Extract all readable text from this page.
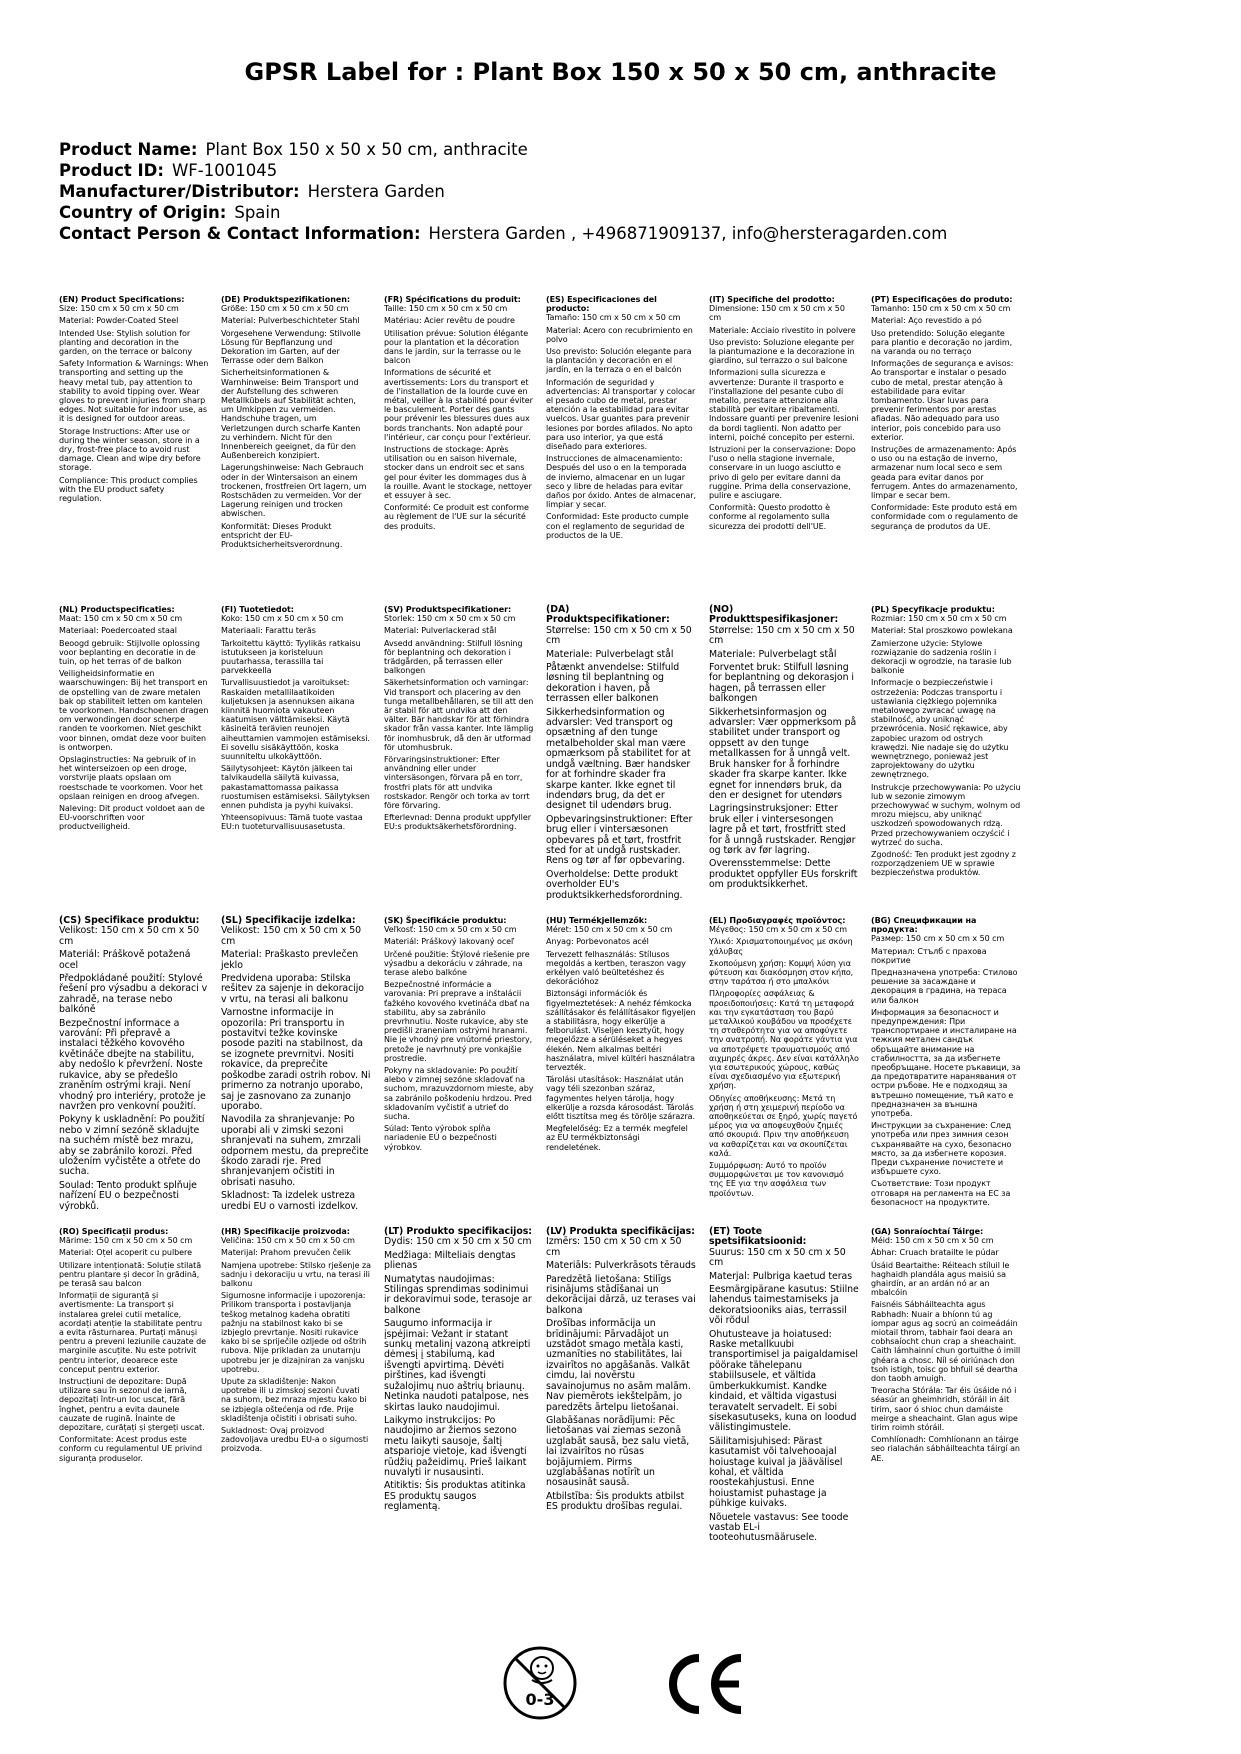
GPSR Label for : Plant Box 150 x 50 x 50 cm, anthracite
Product Name: Plant Box 150 x 50 x 50 cm, anthracite
Product ID: WF-1001045
Manufacturer/Distributor: Herstera Garden
Country of Origin: Spain
Contact Person & Contact Information: Herstera Garden , +496871909137, info@hersteragarden.com
(EN) Product Specifications:

Size: 150 cm x 50 cm x 50 cm

Material: Powder-Coated Steel

Intended Use: Stylish solution for planting and decoration in the garden, on the terrace or balcony

Safety Information & Warnings: When transporting and setting up the heavy metal tub, pay attention to stability to avoid tipping over. Wear gloves to prevent injuries from sharp edges. Not suitable for indoor use, as it is designed for outdoor areas.

Storage Instructions: After use or during the winter season, store in a dry, frost-free place to avoid rust damage. Clean and wipe dry before storage.

Compliance: This product complies with the EU product safety regulation.

(DE) Produktspezifikationen:

Größe: 150 cm x 50 cm x 50 cm

Material: Pulverbeschichteter Stahl

Vorgesehene Verwendung: Stilvolle Lösung für Bepflanzung und Dekoration im Garten, auf der Terrasse oder dem Balkon

Sicherheitsinformationen & Warnhinweise: Beim Transport und der Aufstellung des schweren Metallkübels auf Stabilität achten, um Umkippen zu vermeiden. Handschuhe tragen, um Verletzungen durch scharfe Kanten zu verhindern. Nicht für den Innenbereich geeignet, da für den Außenbereich konzipiert.

Lagerungshinweise: Nach Gebrauch oder in der Wintersaison an einem trockenen, frostfreien Ort lagern, um Rostschäden zu vermeiden. Vor der Lagerung reinigen und trocken abwischen.

Konformität: Dieses Produkt entspricht der EU-Produktsicherheitsverordnung.

(FR) Spécifications du produit:

Taille: 150 cm x 50 cm x 50 cm

Matériau: Acier revêtu de poudre

Utilisation prévue: Solution élégante pour la plantation et la décoration dans le jardin, sur la terrasse ou le balcon

Informations de sécurité et avertissements: Lors du transport et de l'installation de la lourde cuve en métal, veiller à la stabilité pour éviter le basculement. Porter des gants pour prévenir les blessures dues aux bords tranchants. Non adapté pour l'intérieur, car conçu pour l'extérieur.

Instructions de stockage: Après utilisation ou en saison hivernale, stocker dans un endroit sec et sans gel pour éviter les dommages dus à la rouille. Avant le stockage, nettoyer et essuyer à sec.

Conformité: Ce produit est conforme au règlement de l'UE sur la sécurité des produits.

(ES) Especificaciones del producto:

Tamaño: 150 cm x 50 cm x 50 cm

Material: Acero con recubrimiento en polvo

Uso previsto: Solución elegante para la plantación y decoración en el jardín, en la terraza o en el balcón

Información de seguridad y advertencias: Al transportar y colocar el pesado cubo de metal, prestar atención a la estabilidad para evitar vuelcos. Usar guantes para prevenir lesiones por bordes afilados. No apto para uso interior, ya que está diseñado para exteriores.

Instrucciones de almacenamiento: Después del uso o en la temporada de invierno, almacenar en un lugar seco y libre de heladas para evitar daños por óxido. Antes de almacenar, limpiar y secar.

Conformidad: Este producto cumple con el reglamento de seguridad de productos de la UE.

(IT) Specifiche del prodotto:

Dimensione: 150 cm x 50 cm x 50 cm

Materiale: Acciaio rivestito in polvere

Uso previsto: Soluzione elegante per la piantumazione e la decorazione in giardino, sul terrazzo o sul balcone

Informazioni sulla sicurezza e avvertenze: Durante il trasporto e l'installazione del pesante cubo di metallo, prestare attenzione alla stabilità per evitare ribaltamenti. Indossare guanti per prevenire lesioni da bordi taglienti. Non adatto per interni, poiché concepito per esterni.

Istruzioni per la conservazione: Dopo l'uso o nella stagione invernale, conservare in un luogo asciutto e privo di gelo per evitare danni da ruggine. Prima della conservazione, pulire e asciugare.

Conformità: Questo prodotto è conforme al regolamento sulla sicurezza dei prodotti dell'UE.

(PT) Especificações do produto:

Tamanho: 150 cm x 50 cm x 50 cm

Material: Aço revestido a pó

Uso pretendido: Solução elegante para plantio e decoração no jardim, na varanda ou no terraço

Informações de segurança e avisos: Ao transportar e instalar o pesado cubo de metal, prestar atenção à estabilidade para evitar tombamento. Usar luvas para prevenir ferimentos por arestas afiadas. Não adequado para uso interior, pois concebido para uso exterior.

Instruções de armazenamento: Após o uso ou na estação de inverno, armazenar num local seco e sem geada para evitar danos por ferrugem. Antes do armazenamento, limpar e secar bem.

Conformidade: Este produto está em conformidade com o regulamento de segurança de produtos da UE.

(NL) Productspecificaties:

Maat: 150 cm x 50 cm x 50 cm

Materiaal: Poedercoated staal

Beoogd gebruik: Stijlvolle oplossing voor beplanting en decoratie in de tuin, op het terras of de balkon

Veiligheidsinformatie en waarschuwingen: Bij het transport en de opstelling van de zware metalen bak op stabiliteit letten om kantelen te voorkomen. Handschoenen dragen om verwondingen door scherpe randen te voorkomen. Niet geschikt voor binnen, omdat deze voor buiten is ontworpen.

Opslaginstructies: Na gebruik of in het winterseizoen op een droge, vorstvrije plaats opslaan om roestschade te voorkomen. Voor het opslaan reinigen en droog afvegen.

Naleving: Dit product voldoet aan de EU-voorschriften voor productveiligheid.

(FI) Tuotetiedot:

Koko: 150 cm x 50 cm x 50 cm

Materiaali: Farattu teräs

Tarkoitettu käyttö: Tyylikäs ratkaisu istutukseen ja koristeluun puutarhassa, terassilla tai parvekkeella

Turvallisuustiedot ja varoitukset: Raskaiden metallilaatikoiden kuljetuksen ja asennuksen aikana kiinnitä huomiota vakauteen kaatumisen välttämiseksi. Käytä käsineitä terävien reunojen aiheuttamien vammojen estämiseksi. Ei sovellu sisäkäyttöön, koska suunniteltu ulkokäyttöön.

Säilytysohjeet: Käytön jälkeen tai talvikaudella säilytä kuivassa, pakastamattomassa paikassa ruostumisen estämiseksi. Säilytyksen ennen puhdista ja pyyhi kuivaksi.

Yhteensopivuus: Tämä tuote vastaa EU:n tuoteturvallisuusasetusta.

(SV) Produktspecifikationer:

Storlek: 150 cm x 50 cm x 50 cm

Material: Pulverlackerad stål

Avsedd användning: Stilfull lösning för beplantning och dekoration i trädgården, på terrassen eller balkongen

Säkerhetsinformation och varningar: Vid transport och placering av den tunga metallbehållaren, se till att den är stabil för att undvika att den välter. Bär handskar för att förhindra skador från vassa kanter. Inte lämplig för inomhusbruk, då den är utformad för utomhusbruk.

Förvaringsinstruktioner: Efter användning eller under vintersäsongen, förvara på en torr, frostfri plats för att undvika rostskador. Rengör och torka av torrt före förvaring.

Efterlevnad: Denna produkt uppfyller EU:s produktsäkerhetsförordning.

(DA) Produktspecifikationer:

Størrelse: 150 cm x 50 cm x 50 cm

Materiale: Pulverbelagt stål

Påtænkt anvendelse: Stilfuld løsning til beplantning og dekoration i haven, på terrassen eller balkonen

Sikkerhedsinformation og advarsler: Ved transport og opsætning af den tunge metalbeholder skal man være opmærksom på stabilitet for at undgå væltning. Bær handsker for at forhindre skader fra skarpe kanter. Ikke egnet til indendørs brug, da det er designet til udendørs brug.

Opbevaringsinstruktioner: Efter brug eller i vintersæsonen opbevares på et tørt, frostfrit sted for at undgå rustskader. Rens og tør af før opbevaring.

Overholdelse: Dette produkt overholder EU's produktsikkerhedsforordning.

(NO) Produkttspesifikasjoner:

Størrelse: 150 cm x 50 cm x 50 cm

Materiale: Pulverbelagt stål

Forventet bruk: Stilfull løsning for beplantning og dekorasjon i hagen, på terrassen eller balkongen

Sikkerhetsinformasjon og advarsler: Vær oppmerksom på stabilitet under transport og oppsett av den tunge metallkassen for å unngå velt. Bruk hansker for å forhindre skader fra skarpe kanter. Ikke egnet for innendørs bruk, da den er designet for utendørs

Lagringsinstruksjoner: Etter bruk eller i vintersesongen lagre på et tørt, frostfritt sted for å unngå rustskader. Rengjør og tørk av før lagring.

Overensstemmelse: Dette produktet oppfyller EUs forskrift om produktsikkerhet.

(PL) Specyfikacje produktu:

Rozmiar: 150 cm x 50 cm x 50 cm

Materiał: Stal proszkowo powlekana

Zamierzone użycie: Stylowe rozwiązanie do sadzenia roślin i dekoracji w ogrodzie, na tarasie lub balkonie

Informacje o bezpieczeństwie i ostrzeżenia: Podczas transportu i ustawiania ciężkiego pojemnika metalowego zwracać uwagę na stabilność, aby uniknąć przewrócenia. Nosić rękawice, aby zapobiec urazom od ostrych krawędzi. Nie nadaje się do użytku wewnętrznego, ponieważ jest zaprojektowany do użytku zewnętrznego.

Instrukcje przechowywania: Po użyciu lub w sezonie zimowym przechowywać w suchym, wolnym od mrozu miejscu, aby uniknąć uszkodzeń spowodowanych rdzą. Przed przechowywaniem oczyścić i wytrzeć do sucha.

Zgodność: Ten produkt jest zgodny z rozporządzeniem UE w sprawie bezpieczeństwa produktów.

(CS) Specifikace produktu:

Velikost: 150 cm x 50 cm x 50 cm

Materiál: Práškově potažená ocel

Předpokládané použití: Stylové řešení pro výsadbu a dekoraci v zahradě, na terase nebo balkóně

Bezpečnostní informace a varování: Při přepravě a instalaci těžkého kovového květináče dbejte na stabilitu, aby nedošlo k převržení. Noste rukavice, aby se předešlo zraněním ostrými kraji. Není vhodný pro interiéry, protože je navržen pro venkovní použití.

Pokyny k uskladnění: Po použití nebo v zimní sezóně skladujte na suchém místě bez mrazu, aby se zabránilo korozi. Před uložením vyčistěte a otřete do sucha.

Soulad: Tento produkt splňuje nařízení EU o bezpečnosti výrobků.

(SL) Specifikacije izdelka:

Velikost: 150 cm x 50 cm x 50 cm

Material: Praškasto prevlečen jeklo

Predvidena uporaba: Stilska rešitev za sajenje in dekoracijo v vrtu, na terasi ali balkonu

Varnostne informacije in opozorila: Pri transportu in postavitvi težke kovinske posode paziti na stabilnost, da se izognete prevrnitvi. Nositi rokavice, da preprečite poškodbe zaradi ostrih robov. Ni primerno za notranjo uporabo, saj je zasnovano za zunanjo uporabo.

Navodila za shranjevanje: Po uporabi ali v zimski sezoni shranjevati na suhem, zmrzali odpornem mestu, da preprečite škodo zaradi rje. Pred shranjevanjem očistiti in obrisati nasuho.

Skladnost: Ta izdelek ustreza uredbi EU o varnosti izdelkov.

(SK) Špecifikácie produktu:

Veľkosť: 150 cm x 50 cm x 50 cm

Materiál: Práškový lakovaný oceľ

Určené použitie: Štýlové riešenie pre výsadbu a dekoráciu v záhrade, na terase alebo balkóne

Bezpečnostné informácie a varovania: Pri preprave a inštalácii ťažkého kovového kvetináča dbať na stabilitu, aby sa zabránilo prevrhnutiu. Noste rukavice, aby ste predišli zraneniam ostrými hranami. Nie je vhodný pre vnútorné priestory, pretože je navrhnutý pre vonkajšie prostredie.

Pokyny na skladovanie: Po použití alebo v zimnej sezóne skladovať na suchom, mrazuvzdornom mieste, aby sa zabránilo poškodeniu hrdzou. Pred skladovaním vyčistiť a utrieť do sucha.

Súlad: Tento výrobok spĺňa nariadenie EÚ o bezpečnosti výrobkov.

(HU) Termékjellemzők:

Méret: 150 cm x 50 cm x 50 cm

Anyag: Porbevonatos acél

Tervezett felhasználás: Stílusos megoldás a kertben, teraszon vagy erkélyen való beültetéshez és dekorációhoz

Biztonsági információk és figyelmeztetések: A nehéz fémkocka szállításakor és felállításakor figyeljen a stabilitásra, hogy elkerülje a felborulást. Viseljen kesztyűt, hogy megelőzze a sérüléseket a hegyes élekén. Nem alkalmas beltéri használatra, mivel kültéri használatra tervezték.

Tárolási utasítások: Használat után vagy téli szezonban száraz, fagymentes helyen tárolja, hogy elkerülje a rozsda károsodást. Tárolás előtt tisztítsa meg és törölje szárazra.

Megfelelőség: Ez a termék megfelel az EU termékbiztonsági rendeletének.

(EL) Προδιαγραφές προϊόντος:

Μέγεθος: 150 cm x 50 cm x 50 cm

Υλικό: Χρισματοποιημένος με σκόνη χάλυβας

Σκοπούμενη χρήση: Κομψή λύση για φύτευση και διακόσμηση στον κήπο, στην ταράτσα ή στο μπαλκόνι

Πληροφορίες ασφάλειας & προειδοποιήσεις: Κατά τη μεταφορά και την εγκατάσταση του βαρύ μεταλλικού κουβάδου να προσέχετε τη σταθερότητα για να αποφύγετε την ανατροπή. Να φοράτε γάντια για να αποτρέψετε τραυματισμούς από αιχμηρές άκρες. Δεν είναι κατάλληλο για εσωτερικούς χώρους, καθώς είναι σχεδιασμένο για εξωτερική χρήση.

Οδηγίες αποθήκευσης: Μετά τη χρήση ή στη χειμερινή περίοδο να αποθηκεύεται σε ξηρό, χωρίς παγετό μέρος για να αποφευχθούν ζημιές από σκουριά. Πριν την αποθήκευση να καθαρίζεται και να σκουπίζεται καλά.

Συμμόρφωση: Αυτό το προϊόν συμμορφώνεται με τον κανονισμό της ΕΕ για την ασφάλεια των προϊόντων.

(BG) Спецификации на продукта:

Размер: 150 cm x 50 cm x 50 cm

Материал: Стълб с прахова покритие

Предназначена употреба: Стилово решение за засаждане и декорация в градина, на тераса или балкон

Информация за безопасност и предупреждения: При транспортиране и инсталиране на тежкия метален сандък обръщайте внимание на стабилността, за да избегнете преобръщане. Носете ръкавици, за да предотвратите наранявания от остри ръбове. Не е подходящ за вътрешно помещение, тъй като е предназначен за външна употреба.

Инструкции за съхранение: След употреба или през зимния сезон съхранявайте на сухо, безопасно място, за да избегнете корозия. Преди съхранение почистете и избършете сухо.

Съответствие: Този продукт отговаря на регламента на ЕС за безопасност на продуктите.

(RO) Specificații produs:

Mărime: 150 cm x 50 cm x 50 cm

Material: Oțel acoperit cu pulbere

Utilizare intenționată: Soluție stilată pentru plantare și decor în grădină, pe terasă sau balcon

Informații de siguranță și avertismente: La transport și instalarea grelei cutii metalice, acordați atenție la stabilitate pentru a evita răsturnarea. Purtați mănuși pentru a preveni leziunile cauzate de marginile ascuțite. Nu este potrivit pentru interior, deoarece este conceput pentru exterior.

Instrucțiuni de depozitare: După utilizare sau în sezonul de iarnă, depozitați într-un loc uscat, fără înghet, pentru a evita daunele cauzate de rugină. Înainte de depozitare, curățați și ștergeți uscat.

Conformitate: Acest produs este conform cu regulamentul UE privind siguranța produselor.

(HR) Specifikacije proizvoda:

Veličina: 150 cm x 50 cm x 50 cm

Materijal: Prahom prevučen čelik

Namjena upotrebe: Stilsko rješenje za sadnju i dekoraciju u vrtu, na terasi ili balkonu

Sigurnosne informacije i upozorenja: Prilikom transporta i postavljanja teškog metalnog kadeha obratiti pažnju na stabilnost kako bi se izbjeglo prevrtanje. Nositi rukavice kako bi se spriječile ozljede od oštrih rubova. Nije prikladan za unutarnju upotrebu jer je dizajniran za vanjsku upotrebu.

Upute za skladištenje: Nakon upotrebe ili u zimskoj sezoni čuvati na suhom, bez mraza mjestu kako bi se izbjegla oštećenja od rđe. Prije skladištenja očistiti i obrisati suho.

Sukladnost: Ovaj proizvod zadovoljava uredbu EU-a o sigurnosti proizvoda.

(LT) Produkto specifikacijos:

Dydis: 150 cm x 50 cm x 50 cm

Medžiaga: Milteliais dengtas plienas

Numatytas naudojimas: Stilingas sprendimas sodinimui ir dekoravimui sode, terasoje ar balkone

Saugumo informacija ir įspėjimai: Vežant ir statant sunkų metalinį vazoną atkreipti dėmesį į stabilumą, kad išvengti apvirtimą. Dėvėti pirštines, kad išvengti sužalojimų nuo aštrių briaunų. Netinka naudoti patalpose, nes skirtas lauko naudojimui.

Laikymo instrukcijos: Po naudojimo ar žiemos sezono metu laikyti sausoje, šaltį atsparioje vietoje, kad išvengti rūdžių pažeidimų. Prieš laikant nuvalyti ir nusausinti.

Atitiktis: Šis produktas atitinka ES produktų saugos reglamentą.

(LV) Produkta specifikācijas:

Izmērs: 150 cm x 50 cm x 50 cm

Materiāls: Pulverkrāsots tērauds

Paredzētā lietošana: Stilīgs risinājums stādīšanai un dekorācijai dārzā, uz terases vai balkona

Drošības informācija un brīdinājumi: Pārvadājot un uzstādot smago metāla kasti, uzmanīties no stabilitātes, lai izvairītos no apgāšanās. Valkāt cimdu, lai novērstu savainojumus no asām malām. Nav piemērots iekštelpām, jo paredzēts ārtelpu lietošanai.

Glabāšanas norādījumi: Pēc lietošanas vai ziemas sezonā uzglabāt sausā, bez salu vietā, lai izvairītos no rūsas bojājumiem. Pirms uzglabāšanas notīrīt un nosausināt sausā.

Atbilstība: Šis produkts atbilst ES produktu drošības regulai.

(ET) Toote spetsifikatsioonid:

Suurus: 150 cm x 50 cm x 50 cm

Materjal: Pulbriga kaetud teras

Eesmärgipärane kasutus: Stiilne lahendus taimestamiseks ja dekoratsiooniks aias, terrassil või rõdul

Ohutusteave ja hoiatused: Raske metallkuubi transportimisel ja paigaldamisel pöörake tähelepanu stabiilsusele, et vältida ümberkukkumist. Kandke kindaid, et vältida vigastusi teravatelt servadelt. Ei sobi sisekasutuseks, kuna on loodud välistingimustele.

Säilitamisjuhised: Pärast kasutamist või talvehooajal hoiustage kuival ja jäävälisel kohal, et vältida roostekahjustusi. Enne hoiustamist puhastage ja pühkige kuivaks.

Nõuetele vastavus: See toode vastab EL-i tooteohutusmäärusele.

(GA) Sonraíochtaí Táirge:

Méid: 150 cm x 50 cm x 50 cm

Ábhar: Cruach bratailte le púdar

Úsáid Beartaithe: Réiteach stíluil le haghaidh plandála agus maisiú sa ghairdín, ar an ardán nó ar an mbalcóin

Faisnéis Sábháilteachta agus Rabhadh: Nuair a bhíonn tú ag iompar agus ag socrú an coimeádáin miotail throm, tabhair faoi deara an cobhsaíocht chun crap a sheachaint. Caith lámhainní chun gortuithe ó imill ghéara a chosc. Níl sé oiriúnach don tsoh istigh, toisc go bhfuil sé deartha don taobh amuigh.

Treoracha Stórála: Tar éis úsáide nó i séasúr an gheimhridh, stóráil in áit tirim, saor ó shioc chun damáiste meirge a sheachaint. Glan agus wipe tirim roimh stóráil.

Comhlíonadh: Comhlíonann an táirge seo rialachán sábháilteachta táirgí an AE.

0-3
